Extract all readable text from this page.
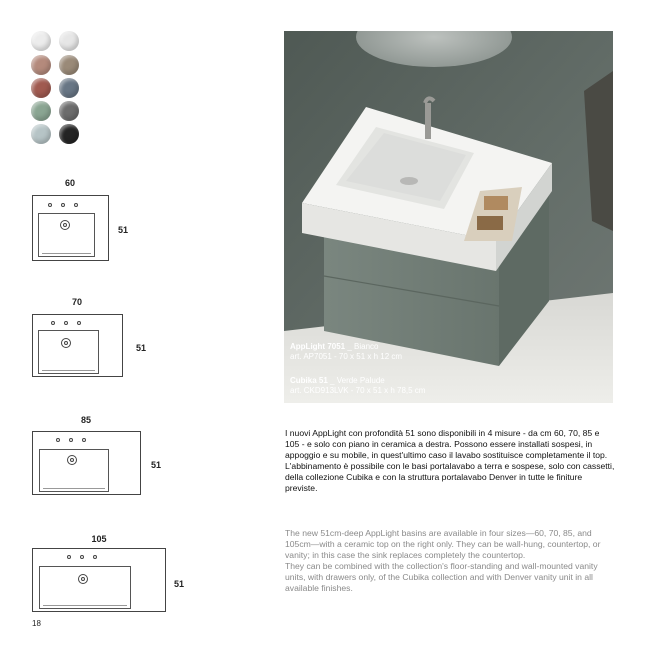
60
51
70
51
85
51
105
51
18
AppLight 7051 _ Bianco
art. AP7051 - 70 x 51 x h 12 cm
Cubika 51 _ Verde Palude
art. CKD913LVK - 70 x 51 x h 78,5 cm

I nuovi AppLight con profondità 51 sono disponibili in 4 misure - da cm 60, 70, 85 e 105 - e solo con piano in ceramica a destra. Possono essere installati sospesi, in appoggio e su mobile, in quest'ultimo caso il lavabo sostituisce completamente il top.
L'abbinamento è possibile con le basi portalavabo a terra e sospese, solo con cassetti, della collezione Cubika e con la struttura portalavabo Denver in tutte le finiture previste.

The new 51cm-deep AppLight basins are available in four sizes—60, 70, 85, and 105cm—with a ceramic top on the right only. They can be wall-hung, countertop, or vanity; in this case the sink replaces completely the countertop.
They can be combined with the collection's floor-standing and wall-mounted vanity units, with drawers only, of the Cubika collection and with Denver vanity unit in all available finishes.
